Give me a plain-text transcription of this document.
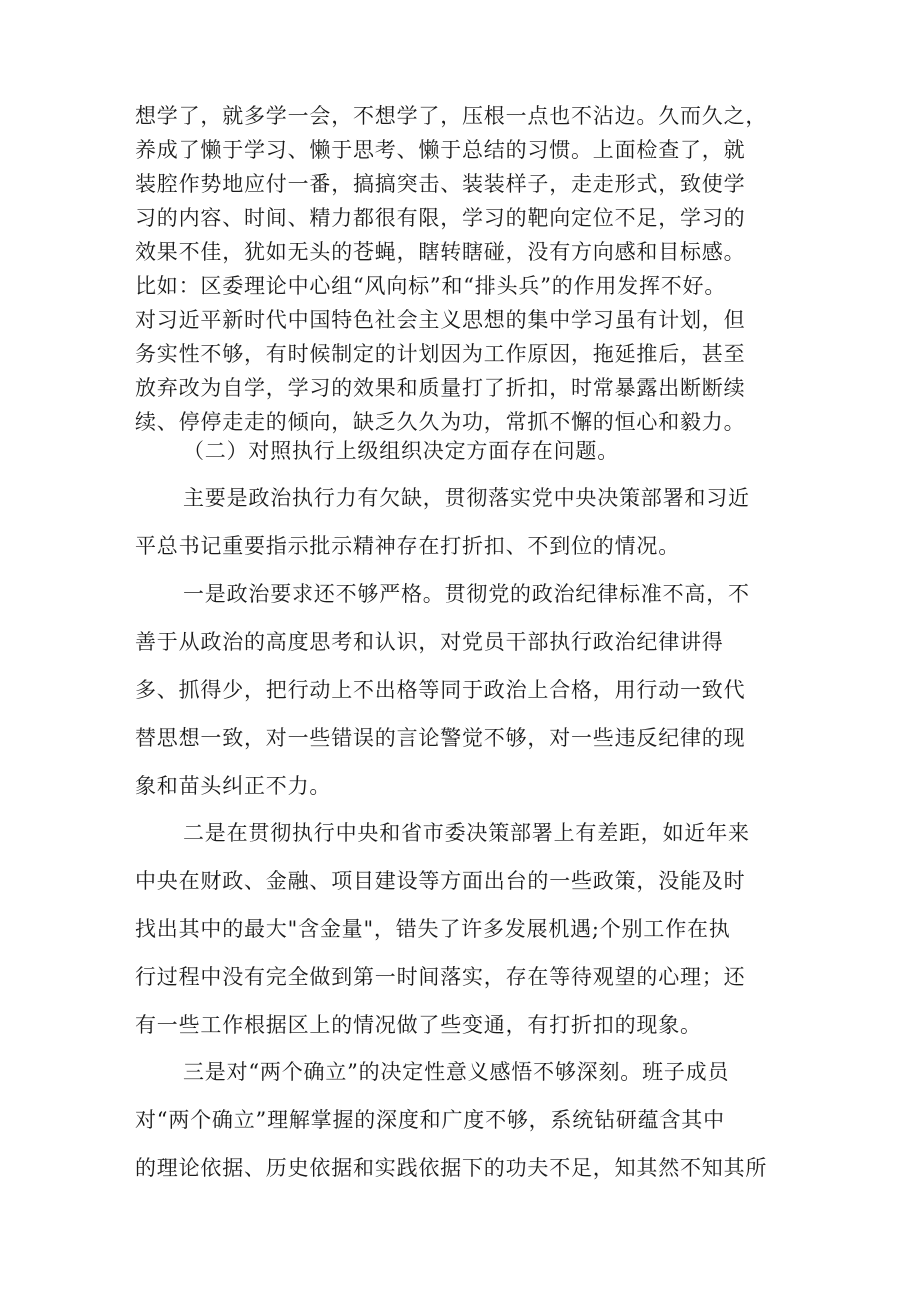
想学了，就多学一会，不想学了，压根一点也不沾边。久而久之，
养成了懒于学习、懒于思考、懒于总结的习惯。上面检查了，就
装腔作势地应付一番，搞搞突击、装装样子，走走形式，致使学
习的内容、时间、精力都很有限，学习的靶向定位不足，学习的
效果不佳，犹如无头的苍蝇，瞎转瞎碰，没有方向感和目标感。
比如：区委理论中心组“风向标”和“排头兵”的作用发挥不好。
对习近平新时代中国特色社会主义思想的集中学习虽有计划，但
务实性不够，有时候制定的计划因为工作原因，拖延推后，甚至
放弃改为自学，学习的效果和质量打了折扣，时常暴露出断断续
续、停停走走的倾向，缺乏久久为功，常抓不懈的恒心和毅力。

（二）对照执行上级组织决定方面存在问题。

主要是政治执行力有欠缺，贯彻落实党中央决策部署和习近
平总书记重要指示批示精神存在打折扣、不到位的情况。

一是政治要求还不够严格。贯彻党的政治纪律标准不高，不
善于从政治的高度思考和认识，对党员干部执行政治纪律讲得
多、抓得少，把行动上不出格等同于政治上合格，用行动一致代
替思想一致，对一些错误的言论警觉不够，对一些违反纪律的现
象和苗头纠正不力。

二是在贯彻执行中央和省市委决策部署上有差距，如近年来
中央在财政、金融、项目建设等方面出台的一些政策，没能及时
找出其中的最大"含金量"，错失了许多发展机遇;个别工作在执
行过程中没有完全做到第一时间落实，存在等待观望的心理；还
有一些工作根据区上的情况做了些变通，有打折扣的现象。

三是对“两个确立”的决定性意义感悟不够深刻。班子成员
对“两个确立”理解掌握的深度和广度不够，系统钻研蕴含其中
的理论依据、历史依据和实践依据下的功夫不足，知其然不知其所
